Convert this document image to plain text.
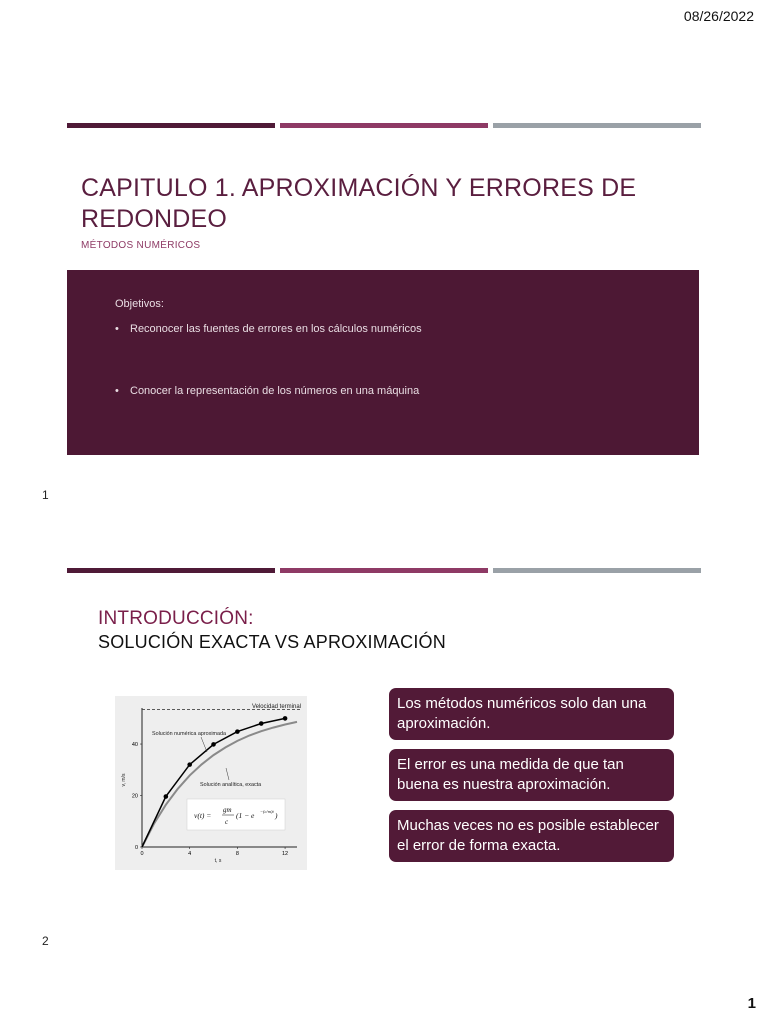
08/26/2022
1
CAPITULO 1. APROXIMACIÓN Y ERRORES DE REDONDEO
MÉTODOS NUMÉRICOS
Objetivos:
•	Reconocer las fuentes de errores en los cálculos numéricos
•	Conocer la representación de los números en una máquina
1
INTRODUCCIÓN:
SOLUCIÓN EXACTA VS APROXIMACIÓN
0	4	8	12
0
20
40
Velocidad terminal
Solución numérica aproximada
Solución analítica, exacta
v(t) =
gm
c
(1 − e −(c/m)t )
v, m/s
t, s
Los métodos numéricos solo dan una aproximación.
El error es una medida de que tan buena es nuestra aproximación.
Muchas veces no es posible establecer el error de forma exacta.
2
